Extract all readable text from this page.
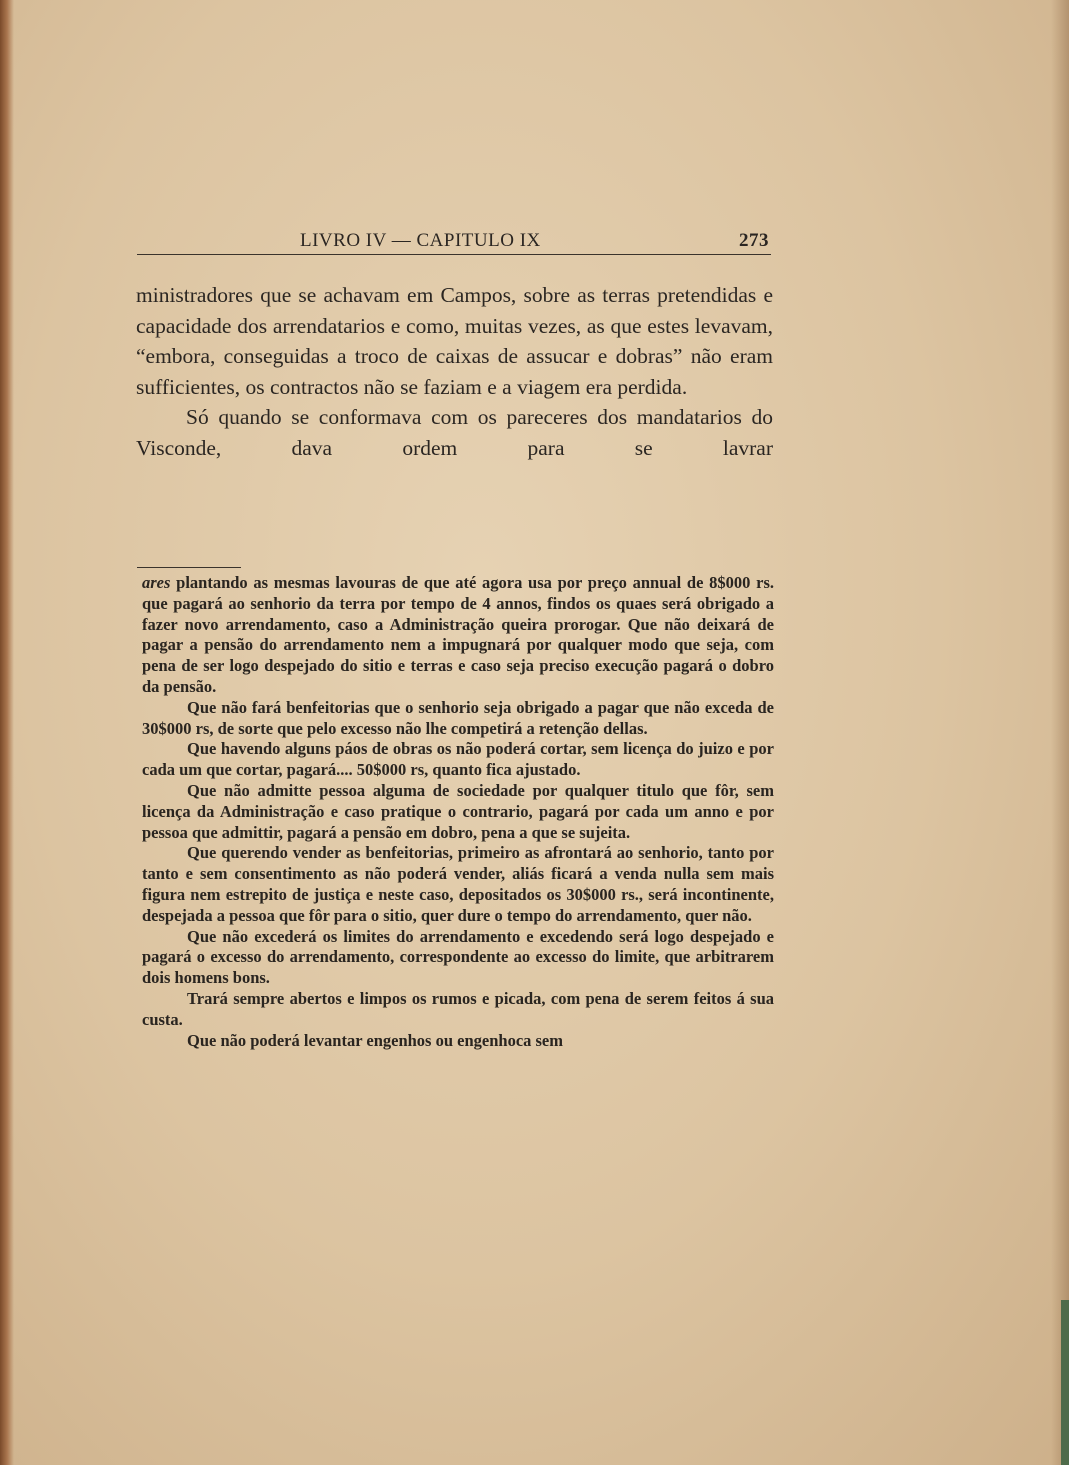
LIVRO IV — CAPITULO IX	273

ministradores que se achavam em Campos, sobre as terras pretendidas e capacidade dos arrendatarios e como, muitas vezes, as que estes levavam, “embora, conseguidas a troco de caixas de assucar e dobras” não eram sufficientes, os contractos não se faziam e a viagem era perdida.

Só quando se conformava com os pareceres dos mandatarios do Visconde, dava ordem para se lavrar

ares plantando as mesmas lavouras de que até agora usa por preço annual de 8$000 rs. que pagará ao senhorio da terra por tempo de 4 annos, findos os quaes será obrigado a fazer novo arrendamento, caso a Administração queira prorogar. Que não deixará de pagar a pensão do arrendamento nem a impugnará por qualquer modo que seja, com pena de ser logo despejado do sitio e terras e caso seja preciso execução pagará o dobro da pensão.

Que não fará benfeitorias que o senhorio seja obrigado a pagar que não exceda de 30$000 rs, de sorte que pelo excesso não lhe competirá a retenção dellas.

Que havendo alguns páos de obras os não poderá cortar, sem licença do juizo e por cada um que cortar, pagará.... 50$000 rs, quanto fica ajustado.

Que não admitte pessoa alguma de sociedade por qualquer titulo que fôr, sem licença da Administração e caso pratique o contrario, pagará por cada um anno e por pessoa que admittir, pagará a pensão em dobro, pena a que se sujeita.

Que querendo vender as benfeitorias, primeiro as afrontará ao senhorio, tanto por tanto e sem consentimento as não poderá vender, aliás ficará a venda nulla sem mais figura nem estrepito de justiça e neste caso, depositados os 30$000 rs., será incontinente, despejada a pessoa que fôr para o sitio, quer dure o tempo do arrendamento, quer não.

Que não excederá os limites do arrendamento e excedendo será logo despejado e pagará o excesso do arrendamento, correspondente ao excesso do limite, que arbitrarem dois homens bons.

Trará sempre abertos e limpos os rumos e picada, com pena de serem feitos á sua custa.

Que não poderá levantar engenhos ou engenhoca sem
